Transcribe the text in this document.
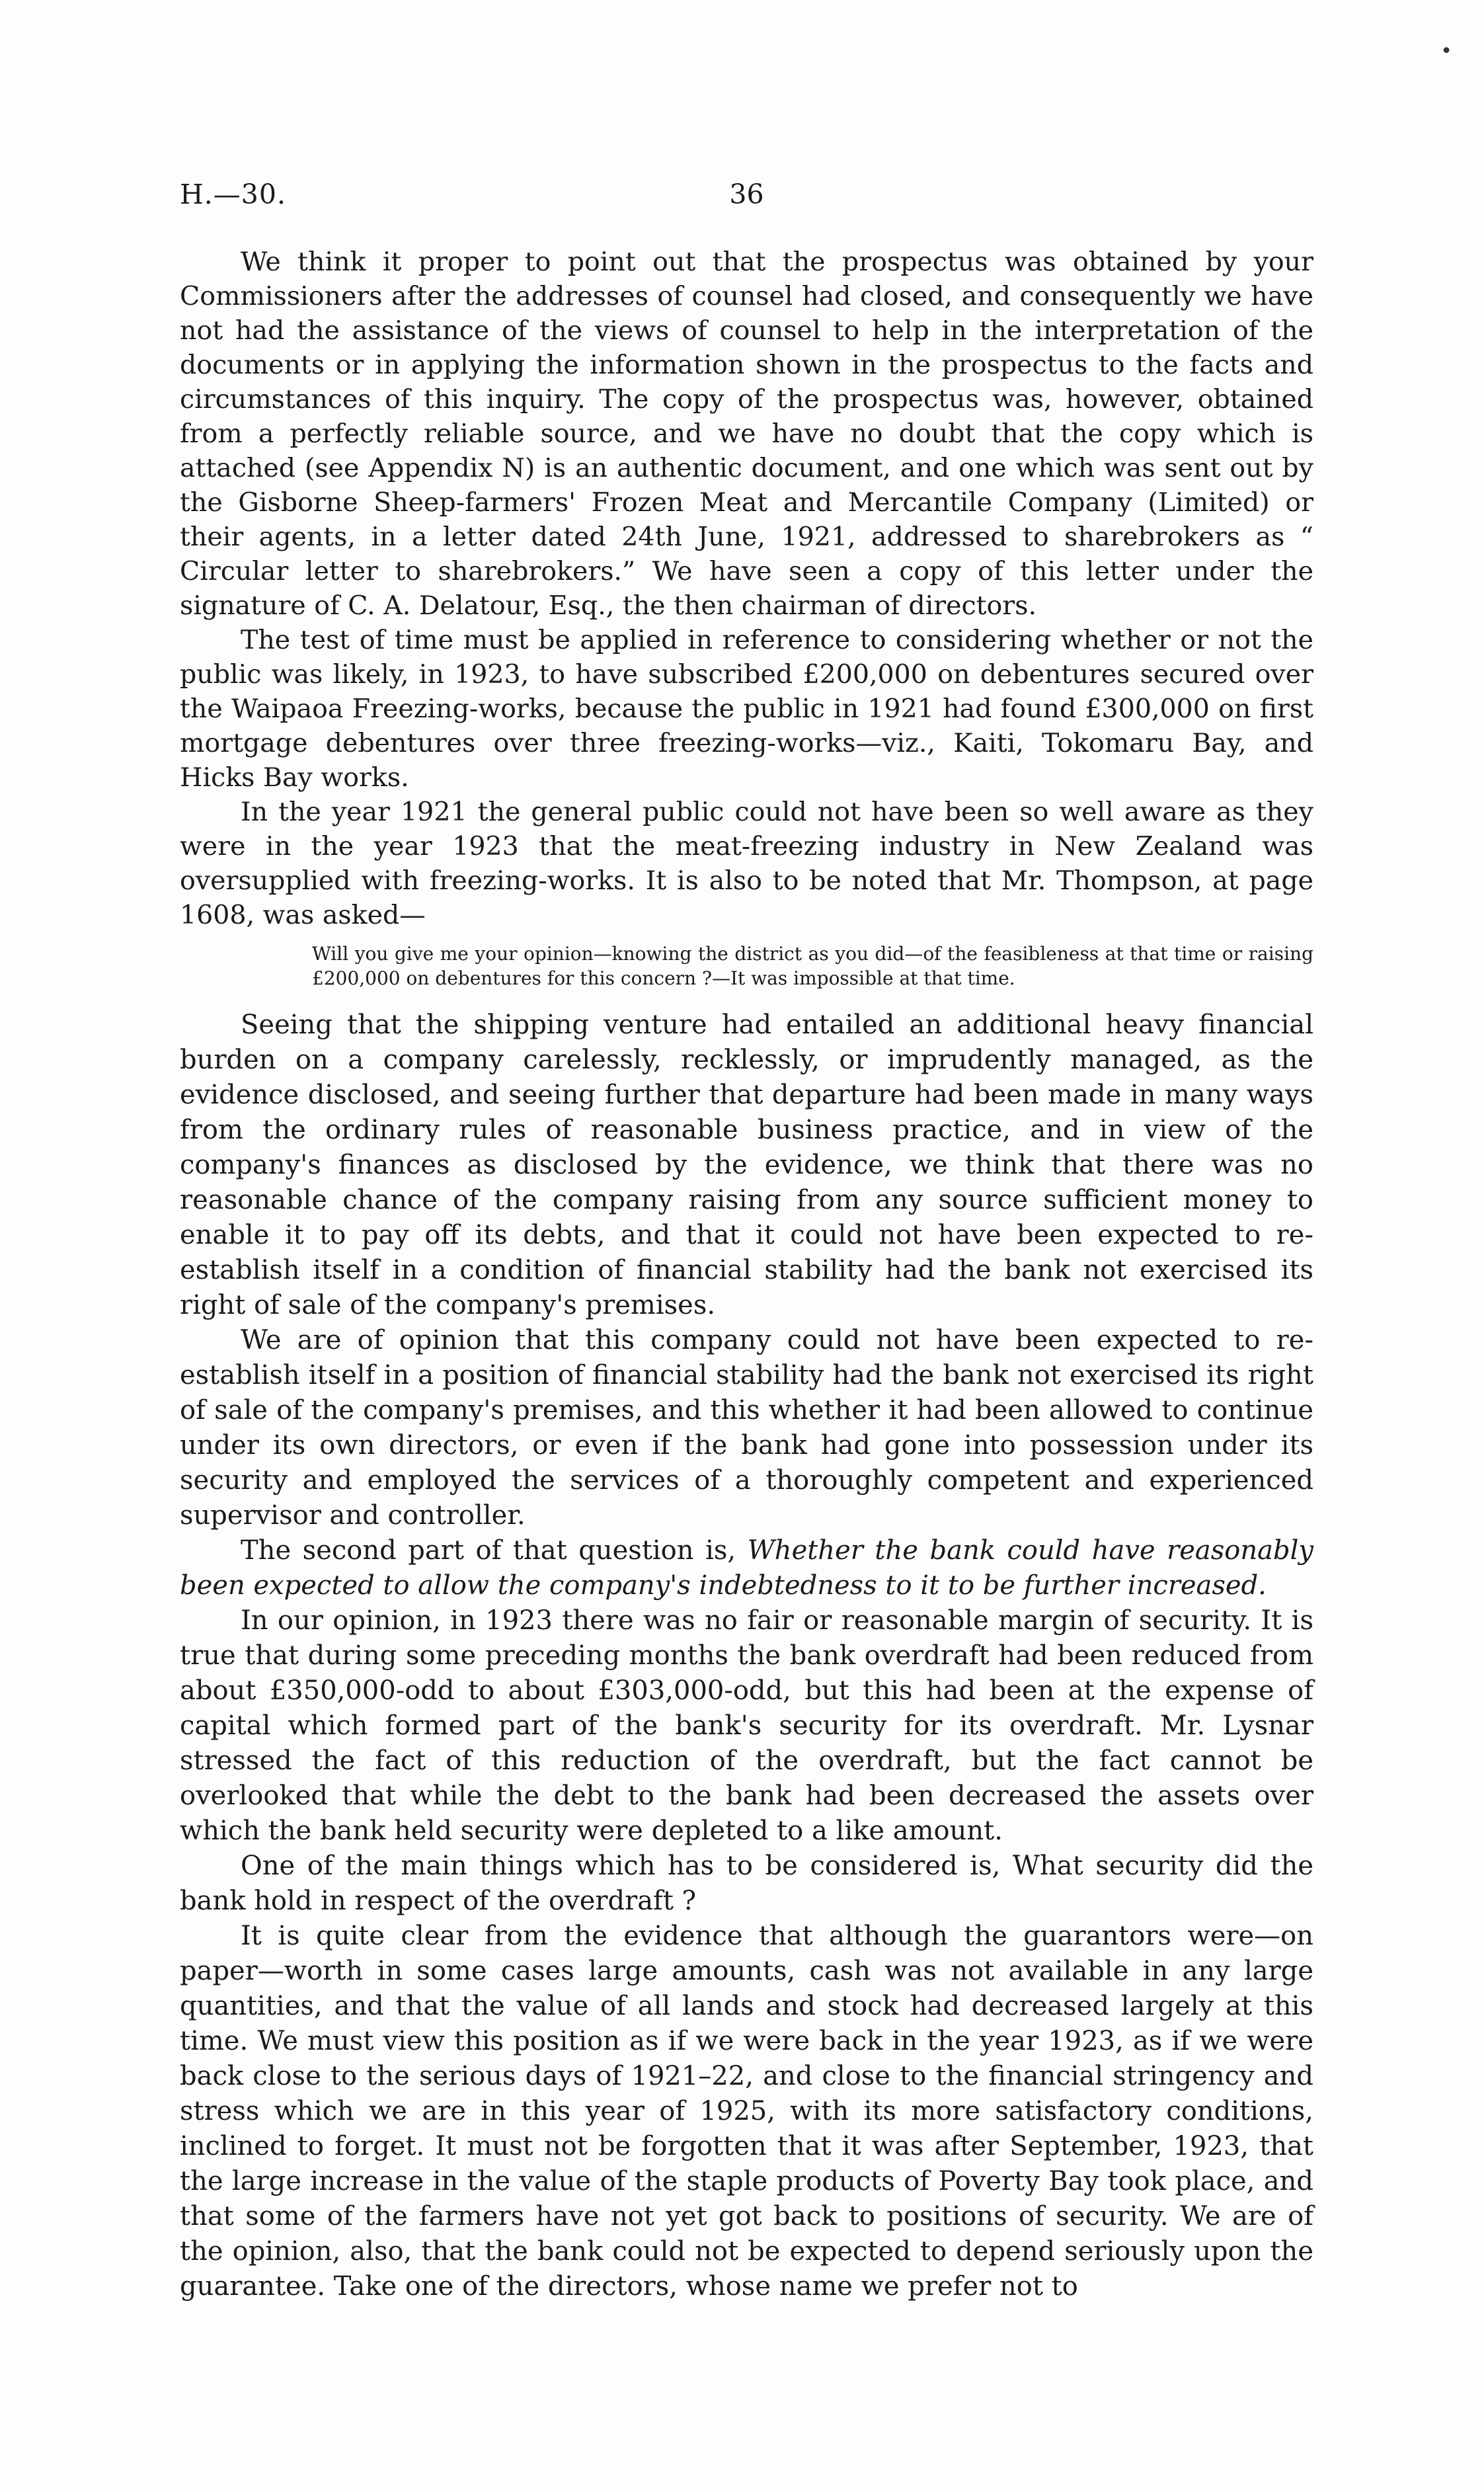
•
36
H.—30.

We think it proper to point out that the prospectus was obtained by your Commissioners after the addresses of counsel had closed, and consequently we have not had the assistance of the views of counsel to help in the interpretation of the documents or in applying the information shown in the prospectus to the facts and circumstances of this inquiry. The copy of the prospectus was, however, obtained from a perfectly reliable source, and we have no doubt that the copy which is attached (see Appendix N) is an authentic document, and one which was sent out by the Gisborne Sheep-farmers' Frozen Meat and Mercantile Company (Limited) or their agents, in a letter dated 24th June, 1921, addressed to sharebrokers as “ Circular letter to sharebrokers.” We have seen a copy of this letter under the signature of C. A. Delatour, Esq., the then chairman of directors.

The test of time must be applied in reference to considering whether or not the public was likely, in 1923, to have subscribed £200,000 on debentures secured over the Waipaoa Freezing-works, because the public in 1921 had found £300,000 on first mortgage debentures over three freezing-works—viz., Kaiti, Tokomaru Bay, and Hicks Bay works.

In the year 1921 the general public could not have been so well aware as they were in the year 1923 that the meat-freezing industry in New Zealand was oversupplied with freezing-works. It is also to be noted that Mr. Thompson, at page 1608, was asked—

Will you give me your opinion—knowing the district as you did—of the feasibleness at that time or raising £200,000 on debentures for this concern ?—It was impossible at that time.

Seeing that the shipping venture had entailed an additional heavy financial burden on a company carelessly, recklessly, or imprudently managed, as the evidence disclosed, and seeing further that departure had been made in many ways from the ordinary rules of reasonable business practice, and in view of the company's finances as disclosed by the evidence, we think that there was no reasonable chance of the company raising from any source sufficient money to enable it to pay off its debts, and that it could not have been expected to re-establish itself in a condition of financial stability had the bank not exercised its right of sale of the company's premises.

We are of opinion that this company could not have been expected to re-establish itself in a position of financial stability had the bank not exercised its right of sale of the company's premises, and this whether it had been allowed to continue under its own directors, or even if the bank had gone into possession under its security and employed the services of a thoroughly competent and experienced supervisor and controller.

The second part of that question is, Whether the bank could have reasonably been expected to allow the company's indebtedness to it to be further increased.

In our opinion, in 1923 there was no fair or reasonable margin of security. It is true that during some preceding months the bank overdraft had been reduced from about £350,000-odd to about £303,000-odd, but this had been at the expense of capital which formed part of the bank's security for its overdraft. Mr. Lysnar stressed the fact of this reduction of the overdraft, but the fact cannot be overlooked that while the debt to the bank had been decreased the assets over which the bank held security were depleted to a like amount.

One of the main things which has to be considered is, What security did the bank hold in respect of the overdraft ?

It is quite clear from the evidence that although the guarantors were—on paper—worth in some cases large amounts, cash was not available in any large quantities, and that the value of all lands and stock had decreased largely at this time. We must view this position as if we were back in the year 1923, as if we were back close to the serious days of 1921–22, and close to the financial stringency and stress which we are in this year of 1925, with its more satisfactory conditions, inclined to forget. It must not be forgotten that it was after September, 1923, that the large increase in the value of the staple products of Poverty Bay took place, and that some of the farmers have not yet got back to positions of security. We are of the opinion, also, that the bank could not be expected to depend seriously upon the guarantee. Take one of the directors, whose name we prefer not to
